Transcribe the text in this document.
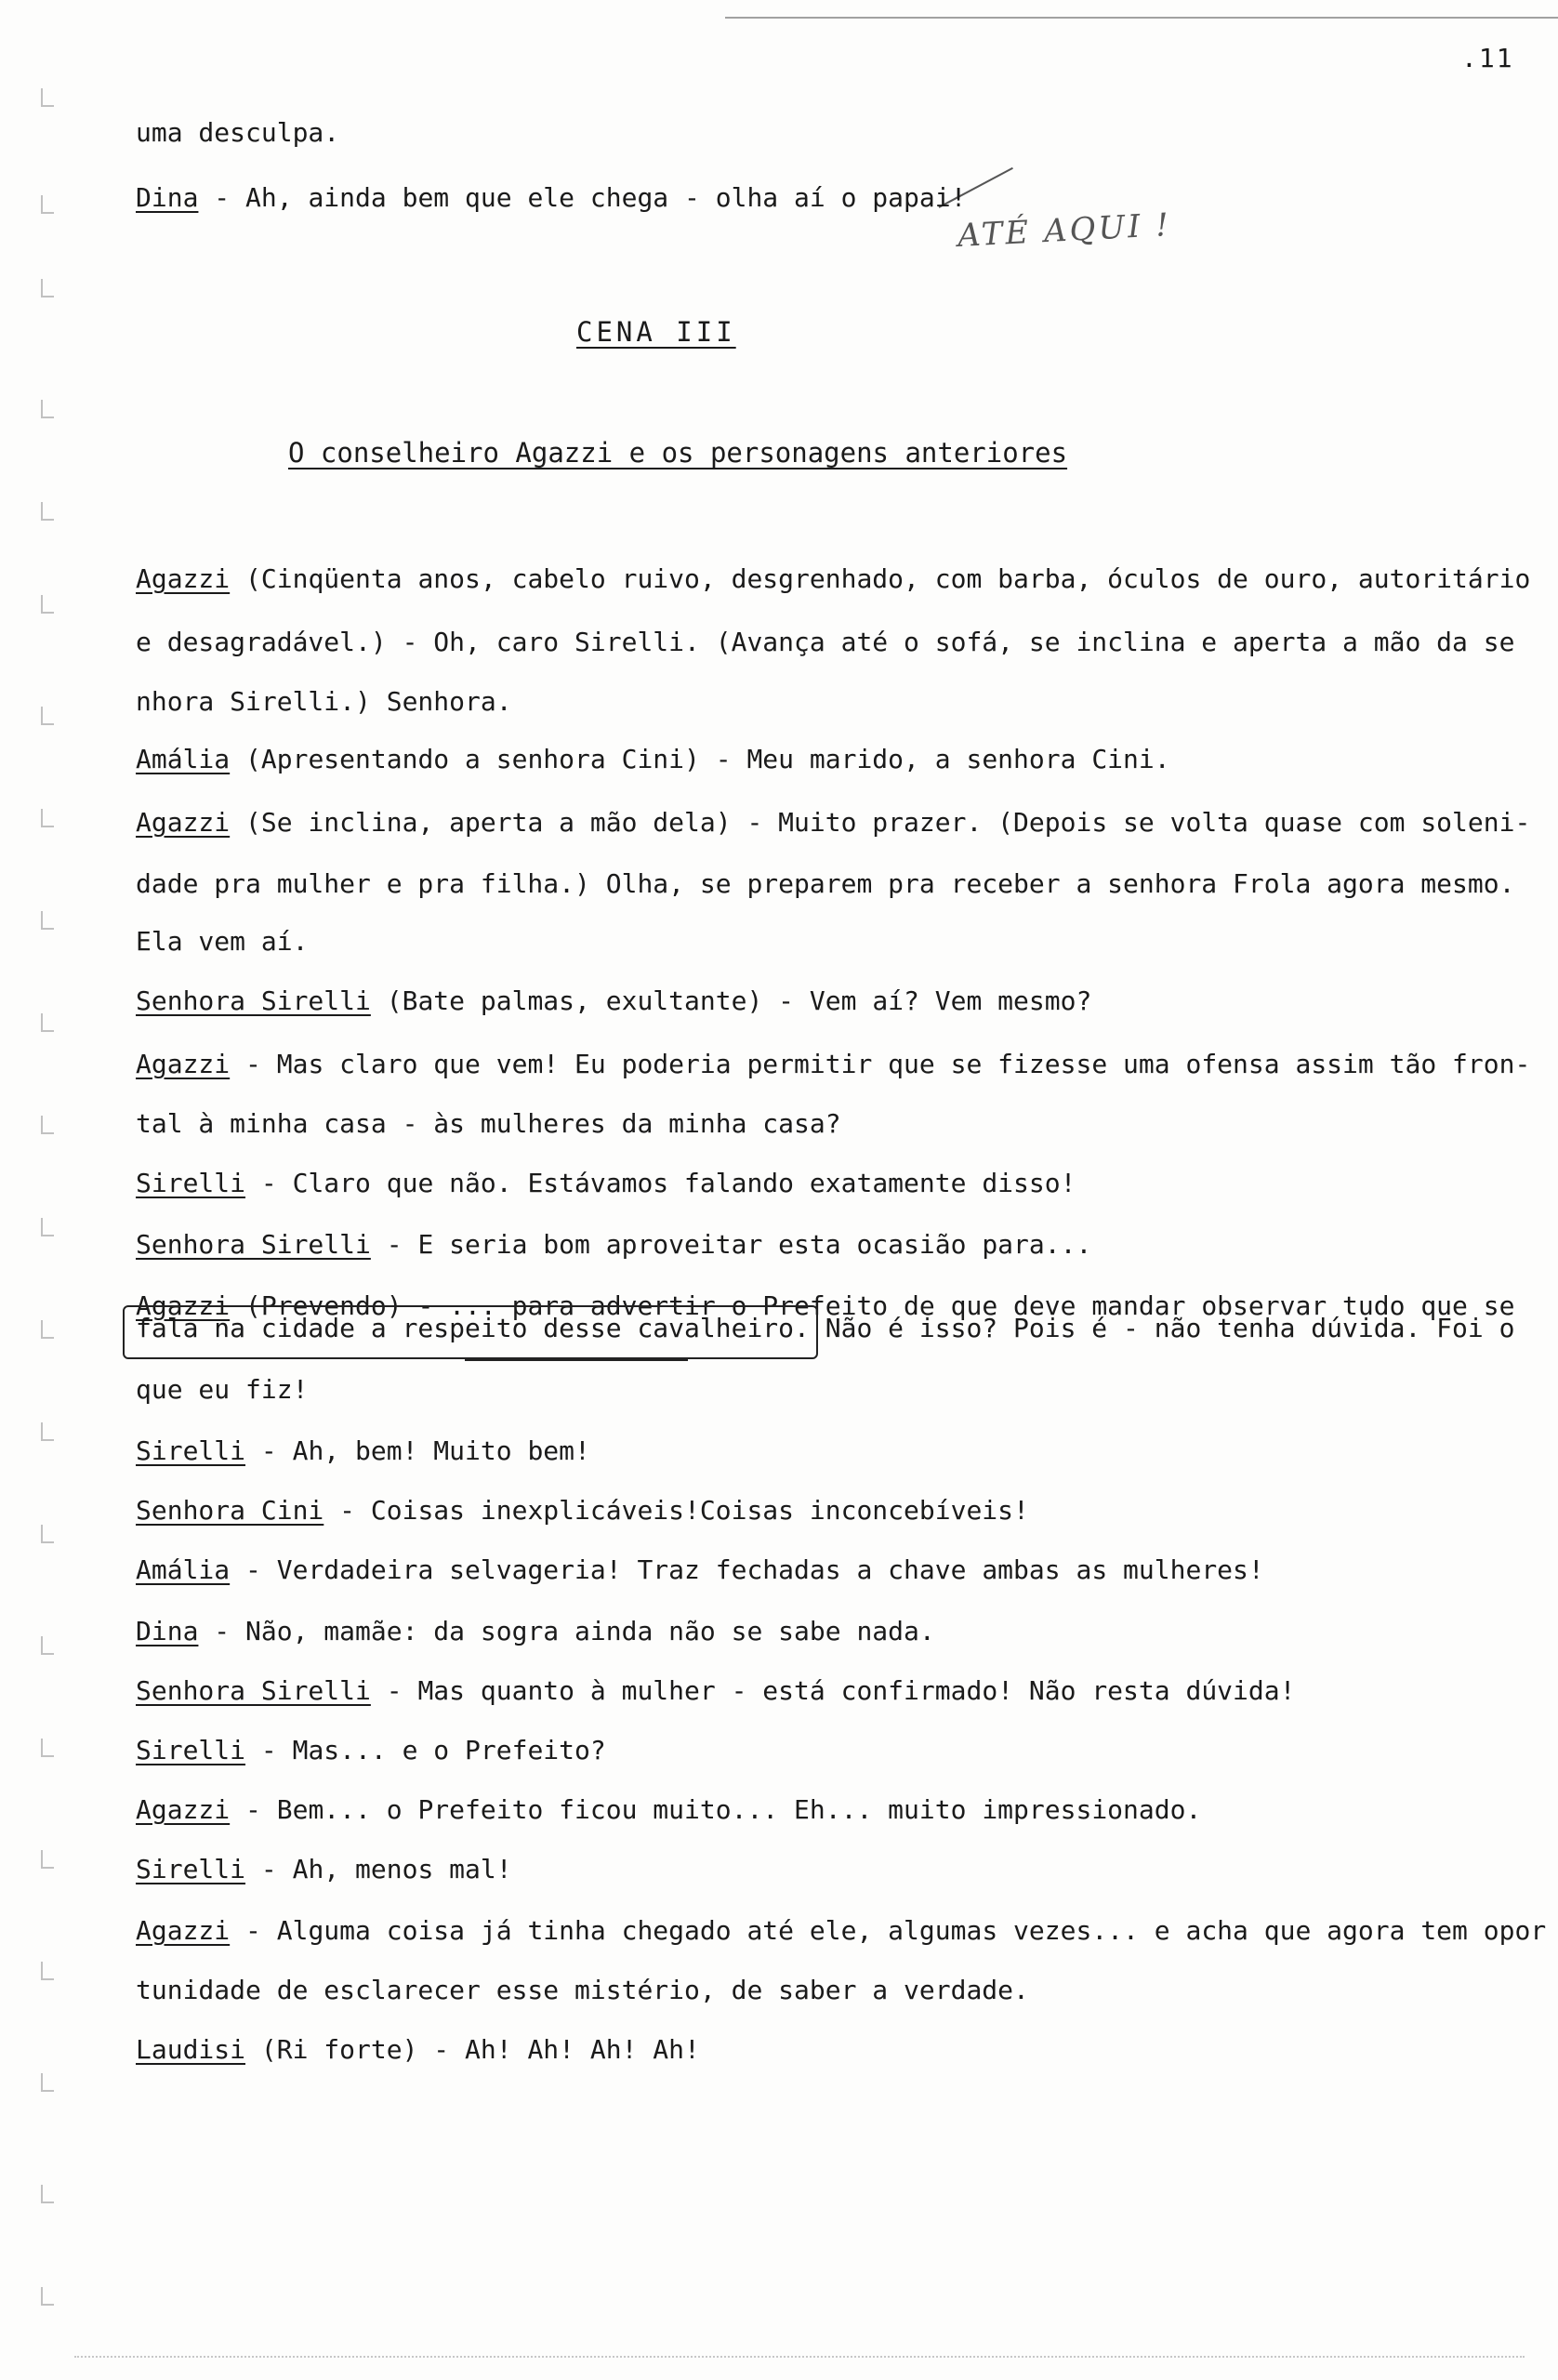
.11
ATÉ AQUI !
CENA III
O conselheiro Agazzi e os personagens anteriores
uma desculpa.
Dina - Ah, ainda bem que ele chega - olha aí o papai!
Agazzi (Cinqüenta anos, cabelo ruivo, desgrenhado, com barba, óculos de ouro, autoritário
e desagradável.) - Oh, caro Sirelli. (Avança até o sofá, se inclina e aperta a mão da se
nhora Sirelli.) Senhora.
Amália (Apresentando a senhora Cini) - Meu marido, a senhora Cini.
Agazzi (Se inclina, aperta a mão dela) - Muito prazer. (Depois se volta quase com soleni-
dade pra mulher e pra filha.) Olha, se preparem pra receber a senhora Frola agora mesmo.
Ela vem aí.
Senhora Sirelli (Bate palmas, exultante) - Vem aí? Vem mesmo?
Agazzi - Mas claro que vem! Eu poderia permitir que se fizesse uma ofensa assim tão fron-
tal à minha casa - às mulheres da minha casa?
Sirelli - Claro que não. Estávamos falando exatamente disso!
Senhora Sirelli - E seria bom aproveitar esta ocasião para...
Agazzi (Prevendo) - ... para advertir o Prefeito de que deve mandar observar tudo que se
fala na cidade a respeito desse cavalheiro. Não é isso? Pois é - não tenha dúvida. Foi o
que eu fiz!
Sirelli - Ah, bem! Muito bem!
Senhora Cini - Coisas inexplicáveis!Coisas inconcebíveis!
Amália - Verdadeira selvageria! Traz fechadas a chave ambas as mulheres!
Dina - Não, mamãe: da sogra ainda não se sabe nada.
Senhora Sirelli - Mas quanto à mulher - está confirmado! Não resta dúvida!
Sirelli - Mas... e o Prefeito?
Agazzi - Bem... o Prefeito ficou muito... Eh... muito impressionado.
Sirelli - Ah, menos mal!
Agazzi - Alguma coisa já tinha chegado até ele, algumas vezes... e acha que agora tem opor
tunidade de esclarecer esse mistério, de saber a verdade.
Laudisi (Ri forte) - Ah! Ah! Ah! Ah!
